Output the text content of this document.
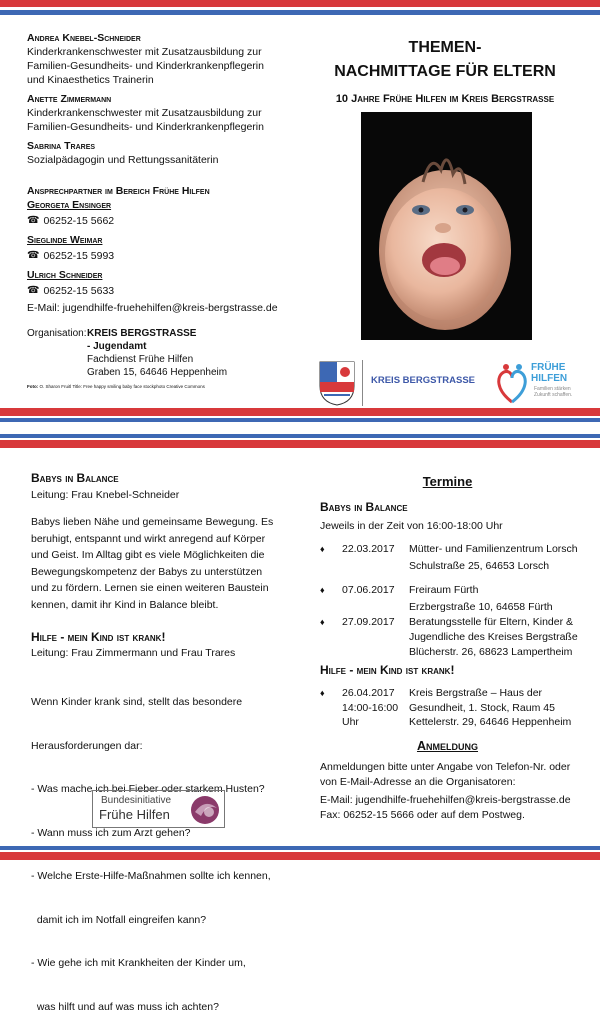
Andrea Knebel-Schneider
Kinderkrankenschwester mit Zusatzausbildung zur
Familien-Gesundheits- und Kinderkrankenpflegerin
und Kinaesthetics Trainerin
Anette Zimmermann
Kinderkrankenschwester mit Zusatzausbildung zur
Familien-Gesundheits- und Kinderkrankenpflegerin
Sabrina Trares
Sozialpädagogin und Rettungssanitäterin
Ansprechpartner im Bereich Frühe Hilfen
Georgeta Ensinger
☎ 06252-15 5662
Sieglinde Weimar
☎ 06252-15 5993
Ulrich Schneider
☎ 06252-15 5633
E-Mail: jugendhilfe-fruehehilfen@kreis-bergstrasse.de
Organisation: KREIS BERGSTRASSE
- Jugendamt
Fachdienst Frühe Hilfen
Graben 15, 64646 Heppenheim
Foto: O. Sharon Fruitl Title: Free happy smiling baby face stockphoto Creative Commons
THEMEN-
NACHMITTAGE FÜR ELTERN
10 Jahre Frühe Hilfen im Kreis Bergstrasse
KREIS BERGSTRASSE
FRÜHE
HILFEN
Familien stärken
Zukunft schaffen.
Babys in Balance
Leitung: Frau Knebel-Schneider
Babys lieben Nähe und gemeinsame Bewegung. Es
beruhigt, entspannt und wirkt anregend auf Körper
und Geist. Im Alltag gibt es viele Möglichkeiten die
Bewegungskompetenz der Babys zu unterstützen
und zu fördern. Lernen sie einen weiteren Baustein
kennen, damit ihr Kind in Balance bleibt.
Hilfe - mein Kind ist krank!
Leitung: Frau Zimmermann und Frau Trares

Wenn Kinder krank sind, stellt das besondere

Herausforderungen dar:

- Was mache ich bei Fieber oder starkem Husten?

- Wann muss ich zum Arzt gehen?

- Welche Erste-Hilfe-Maßnahmen sollte ich kennen,

damit ich im Notfall eingreifen kann?

- Wie gehe ich mit Krankheiten der Kinder um,

was hilft und auf was muss ich achten?

Bundesinitiative
Frühe Hilfen
Termine
Babys in Balance
Jeweils in der Zeit von 16:00-18:00 Uhr
♦ 22.03.2017 Mütter- und Familienzentrum Lorsch
Schulstraße 25, 64653 Lorsch
♦ 07.06.2017 Freiraum Fürth
Erzbergstraße 10, 64658 Fürth
♦ 27.09.2017 Beratungsstelle für Eltern, Kinder &
Jugendliche des Kreises Bergstraße
Blücherstr. 26, 68623 Lampertheim
Hilfe - mein Kind ist krank!
♦ 26.04.2017
14:00-16:00
Uhr
Kreis Bergstraße – Haus der
Gesundheit, 1. Stock, Raum 45
Kettelerstr. 29, 64646 Heppenheim
Anmeldung
Anmeldungen bitte unter Angabe von Telefon-Nr. oder
von E-Mail-Adresse an die Organisatoren:
E-Mail: jugendhilfe-fruehehilfen@kreis-bergstrasse.de
Fax: 06252-15 5666 oder auf dem Postweg.
